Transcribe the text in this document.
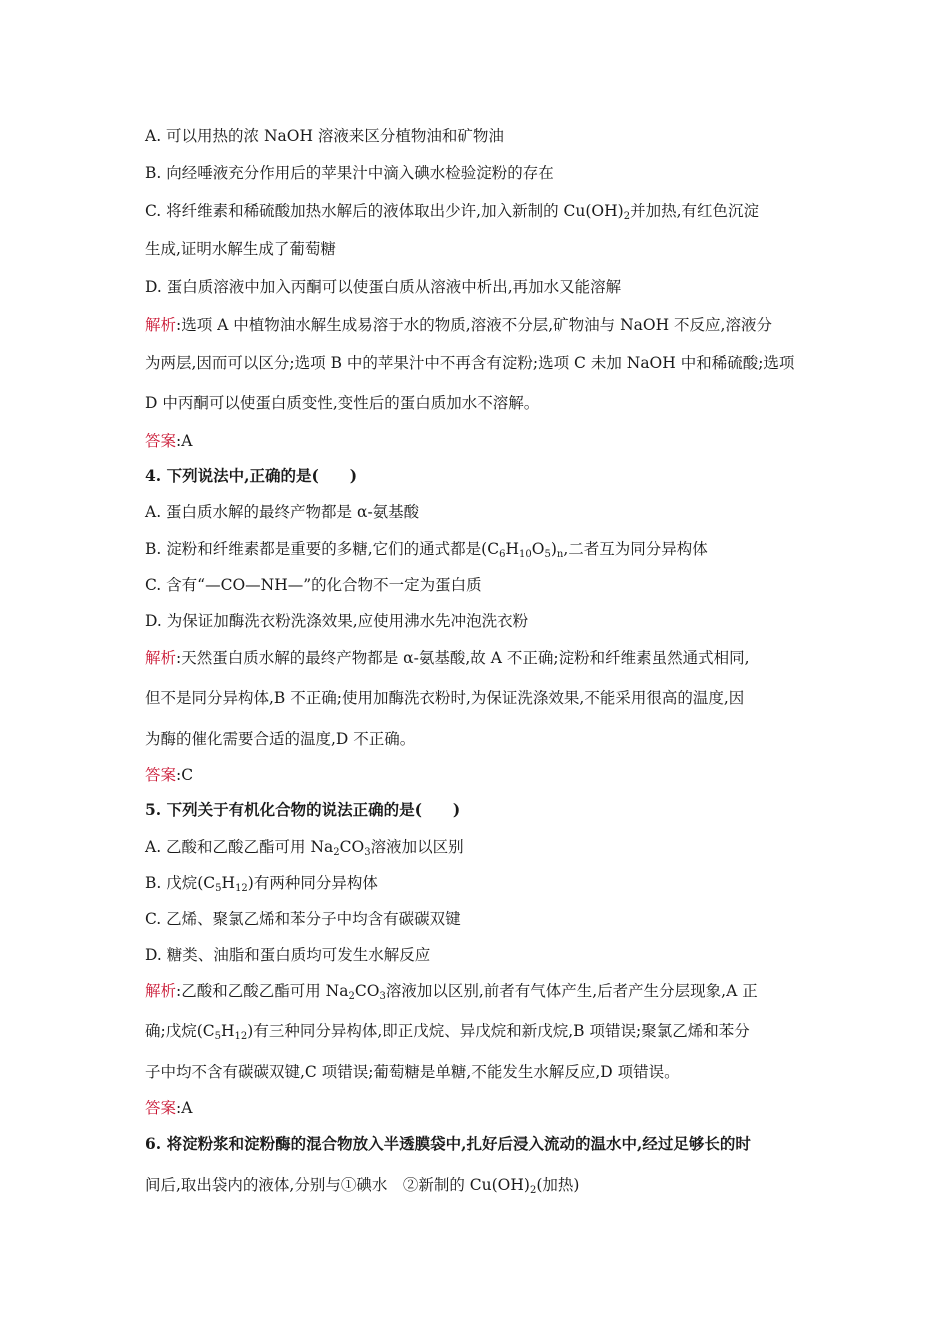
A. 可以用热的浓 NaOH 溶液来区分植物油和矿物油
B. 向经唾液充分作用后的苹果汁中滴入碘水检验淀粉的存在
C. 将纤维素和稀硫酸加热水解后的液体取出少许,加入新制的 $Cu(OH)_2$并加热,有红色沉淀
生成,证明水解生成了葡萄糖
D. 蛋白质溶液中加入丙酮可以使蛋白质从溶液中析出,再加水又能溶解
解析:选项 A 中植物油水解生成易溶于水的物质,溶液不分层,矿物油与 NaOH 不反应,溶液分
为两层,因而可以区分;选项 B 中的苹果汁中不再含有淀粉;选项 C 未加 NaOH 中和稀硫酸;选项
D 中丙酮可以使蛋白质变性,变性后的蛋白质加水不溶解。
答案:A
4. 下列说法中,正确的是(　　)
A. 蛋白质水解的最终产物都是 α-氨基酸
B. 淀粉和纤维素都是重要的多糖,它们的通式都是$(C_6H_{10}O_5)_n$,二者互为同分异构体
C. 含有“—CO—NH—”的化合物不一定为蛋白质
D. 为保证加酶洗衣粉洗涤效果,应使用沸水先冲泡洗衣粉
解析:天然蛋白质水解的最终产物都是 α-氨基酸,故 A 不正确;淀粉和纤维素虽然通式相同,
但不是同分异构体,B 不正确;使用加酶洗衣粉时,为保证洗涤效果,不能采用很高的温度,因
为酶的催化需要合适的温度,D 不正确。
答案:C
5. 下列关于有机化合物的说法正确的是(　　)
A. 乙酸和乙酸乙酯可用 $Na_2CO_3$溶液加以区别
B. 戊烷$(C_5H_{12})$有两种同分异构体
C. 乙烯、聚氯乙烯和苯分子中均含有碳碳双键
D. 糖类、油脂和蛋白质均可发生水解反应
解析:乙酸和乙酸乙酯可用 $Na_2CO_3$溶液加以区别,前者有气体产生,后者产生分层现象,A 正
确;戊烷$(C_5H_{12})$有三种同分异构体,即正戊烷、异戊烷和新戊烷,B 项错误;聚氯乙烯和苯分
子中均不含有碳碳双键,C 项错误;葡萄糖是单糖,不能发生水解反应,D 项错误。
答案:A
6. 将淀粉浆和淀粉酶的混合物放入半透膜袋中,扎好后浸入流动的温水中,经过足够长的时
间后,取出袋内的液体,分别与①碘水　②新制的 $Cu(OH)_2$(加热)
